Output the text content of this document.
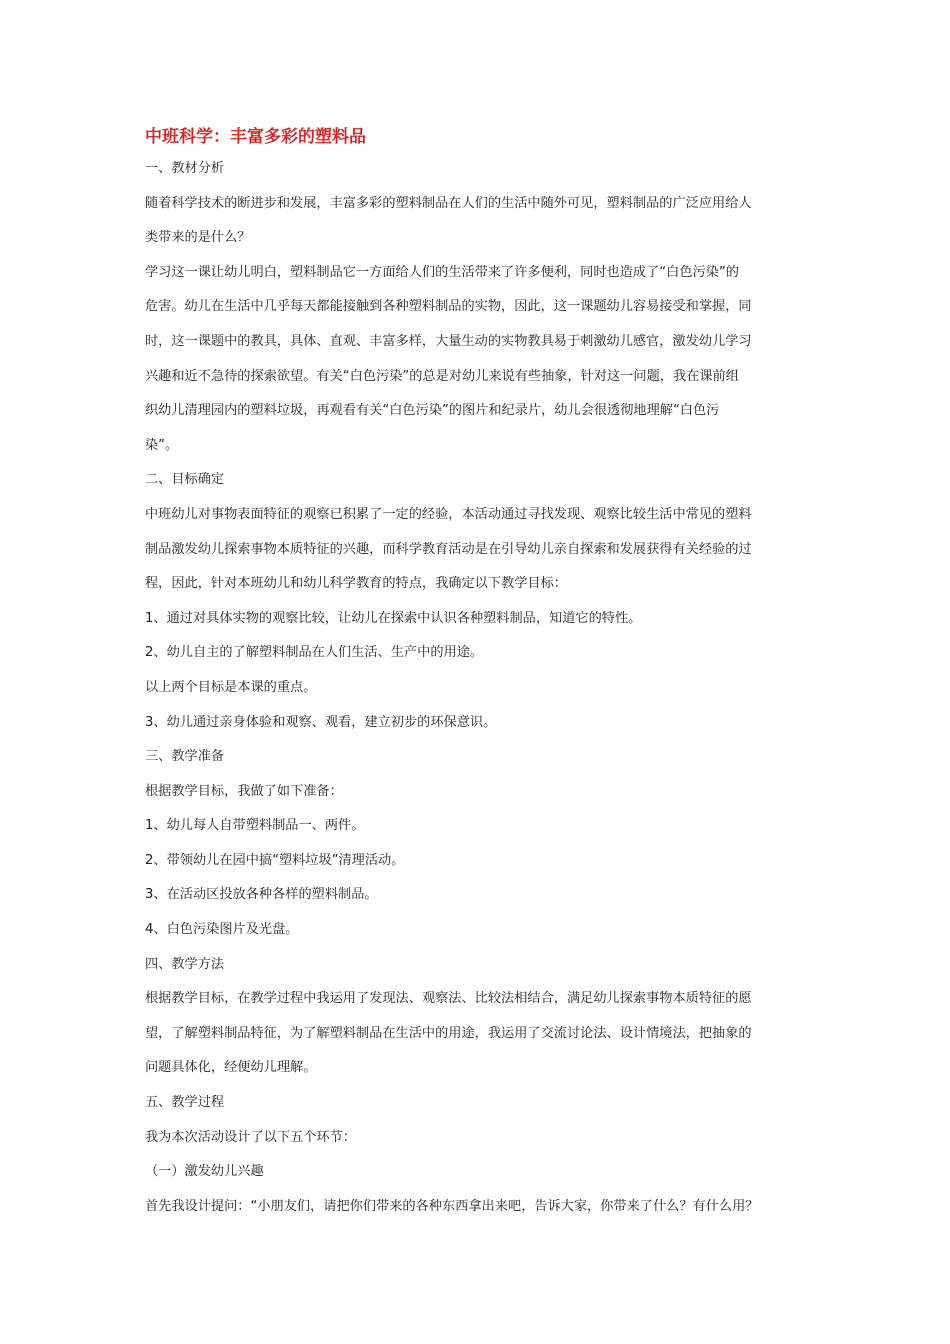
中班科学：丰富多彩的塑料品
一、教材分析
随着科学技术的断进步和发展，丰富多彩的塑料制品在人们的生活中随外可见，塑料制品的广泛应用给人
类带来的是什么？
学习这一课让幼儿明白，塑料制品它一方面给人们的生活带来了许多便利，同时也造成了“白色污染”的
危害。幼儿在生活中几乎每天都能接触到各种塑料制品的实物，因此，这一课题幼儿容易接受和掌握，同
时，这一课题中的教具，具体、直观、丰富多样，大量生动的实物教具易于刺激幼儿感官，激发幼儿学习
兴趣和近不急待的探索欲望。有关“白色污染”的总是对幼儿来说有些抽象，针对这一问题，我在课前组
织幼儿清理园内的塑料垃圾，再观看有关“白色污染”的图片和纪录片，幼儿会很透彻地理解“白色污
染”。
二、目标确定
中班幼儿对事物表面特征的观察已积累了一定的经验，本活动通过寻找发现、观察比较生活中常见的塑料
制品激发幼儿探索事物本质特征的兴趣，而科学教育活动是在引导幼儿亲自探索和发展获得有关经验的过
程，因此，针对本班幼儿和幼儿科学教育的特点，我确定以下教学目标：
1、通过对具体实物的观察比较，让幼儿在探索中认识各种塑料制品，知道它的特性。
2、幼儿自主的了解塑料制品在人们生活、生产中的用途。
以上两个目标是本课的重点。
3、幼儿通过亲身体验和观察、观看，建立初步的环保意识。
三、教学准备
根据教学目标，我做了如下准备：
1、幼儿每人自带塑料制品一、两件。
2、带领幼儿在园中搞“塑料垃圾”清理活动。
3、在活动区投放各种各样的塑料制品。
4、白色污染图片及光盘。
四、教学方法
根据教学目标，在教学过程中我运用了发现法、观察法、比较法相结合，满足幼儿探索事物本质特征的愿
望，了解塑料制品特征，为了解塑料制品在生活中的用途，我运用了交流讨论法、设计情境法，把抽象的
问题具体化，经便幼儿理解。
五、教学过程
我为本次活动设计了以下五个环节：
（一）激发幼儿兴趣
首先我设计提问：“小朋友们，请把你们带来的各种东西拿出来吧，告诉大家，你带来了什么？有什么用？
